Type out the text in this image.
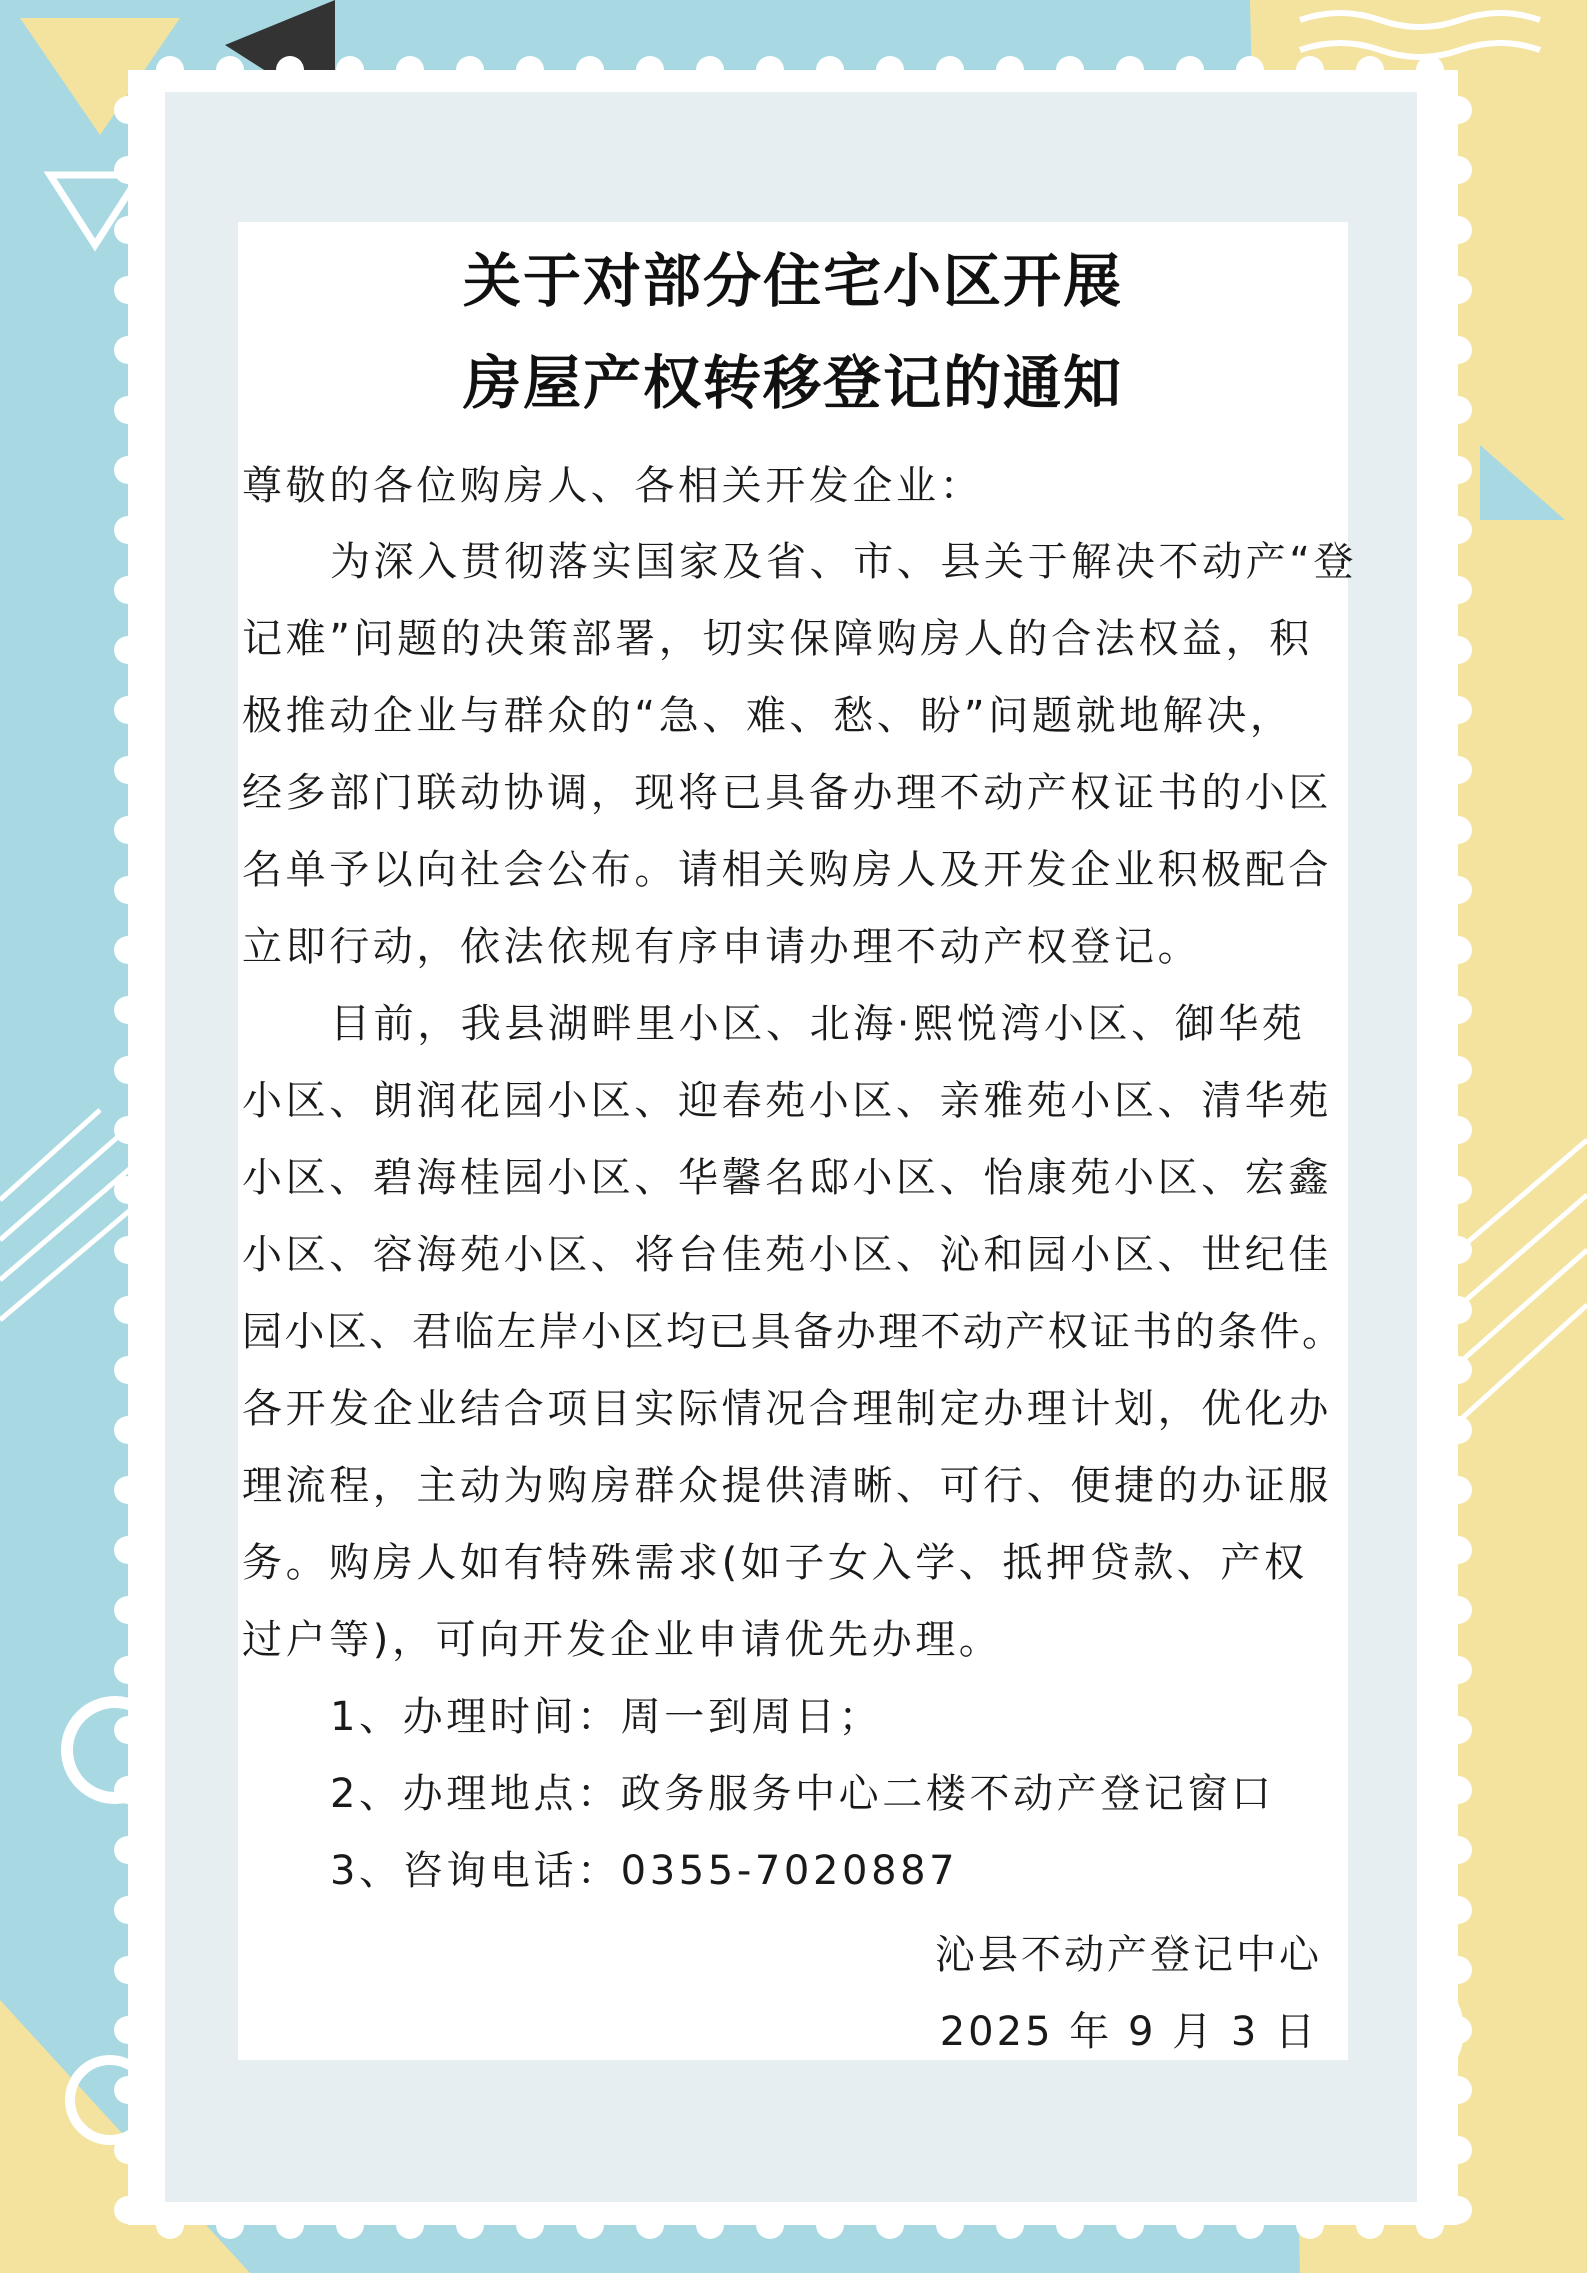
关于对部分住宅小区开展
房屋产权转移登记的通知
尊敬的各位购房人、各相关开发企业：
为深入贯彻落实国家及省、市、县关于解决不动产“登
记难”问题的决策部署，切实保障购房人的合法权益，积
极推动企业与群众的“急、难、愁、盼”问题就地解决，
经多部门联动协调，现将已具备办理不动产权证书的小区
名单予以向社会公布。请相关购房人及开发企业积极配合
立即行动，依法依规有序申请办理不动产权登记。
目前，我县湖畔里小区、北海·熙悦湾小区、御华苑
小区、朗润花园小区、迎春苑小区、亲雅苑小区、清华苑
小区、碧海桂园小区、华馨名邸小区、怡康苑小区、宏鑫
小区、容海苑小区、将台佳苑小区、沁和园小区、世纪佳
园小区、君临左岸小区均已具备办理不动产权证书的条件。
各开发企业结合项目实际情况合理制定办理计划，优化办
理流程，主动为购房群众提供清晰、可行、便捷的办证服
务。购房人如有特殊需求(如子女入学、抵押贷款、产权
过户等)，可向开发企业申请优先办理。
1、办理时间：周一到周日；
2、办理地点：政务服务中心二楼不动产登记窗口
3、咨询电话：0355-7020887
沁县不动产登记中心
2025 年 9 月 3 日
